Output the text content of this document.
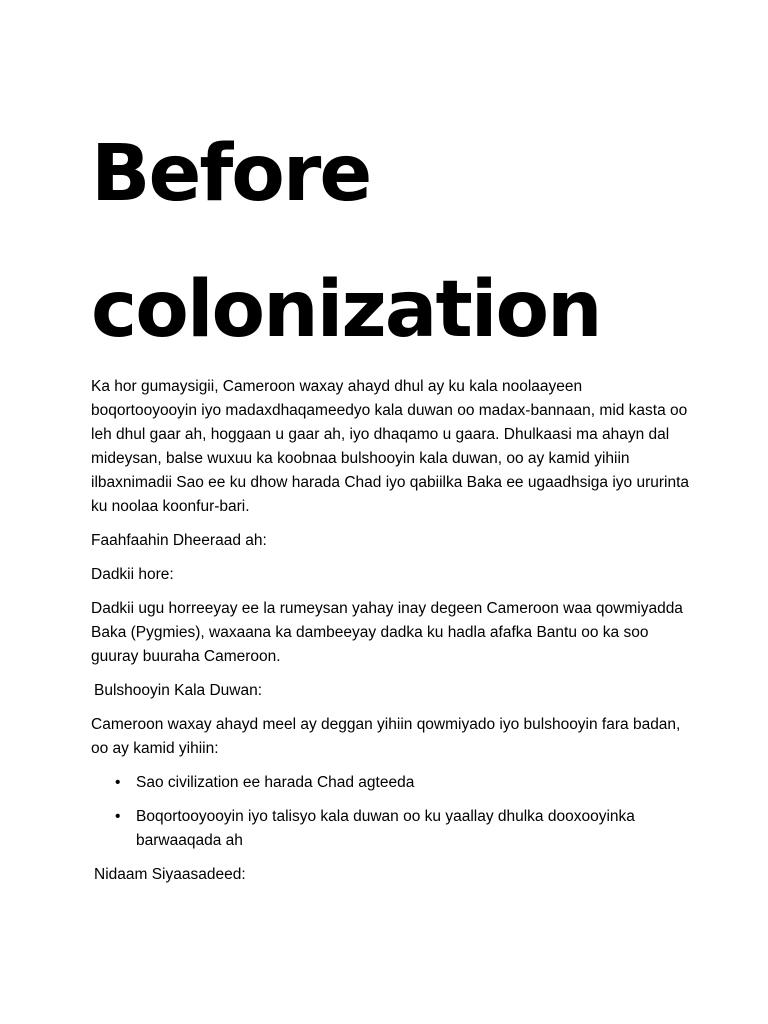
Before
colonization

Ka hor gumaysigii, Cameroon waxay ahayd dhul ay ku kala noolaayeen boqortooyooyin iyo madaxdhaqameedyo kala duwan oo madax-bannaan, mid kasta oo leh dhul gaar ah, hoggaan u gaar ah, iyo dhaqamo u gaara. Dhulkaasi ma ahayn dal mideysan, balse wuxuu ka koobnaa bulshooyin kala duwan, oo ay kamid yihiin ilbaxnimadii Sao ee ku dhow harada Chad iyo qabiilka Baka ee ugaadhsiga iyo ururinta ku noolaa koonfur-bari.

Faahfaahin Dheeraad ah:

Dadkii hore:

Dadkii ugu horreeyay ee la rumeysan yahay inay degeen Cameroon waa qowmiyadda Baka (Pygmies), waxaana ka dambeeyay dadka ku hadla afafka Bantu oo ka soo guuray buuraha Cameroon.

Bulshooyin Kala Duwan:

Cameroon waxay ahayd meel ay deggan yihiin qowmiyado iyo bulshooyin fara badan, oo ay kamid yihiin:

• Sao civilization ee harada Chad agteeda
• Boqortooyooyin iyo talisyo kala duwan oo ku yaallay dhulka dooxooyinka barwaaqada ah

Nidaam Siyaasadeed:
